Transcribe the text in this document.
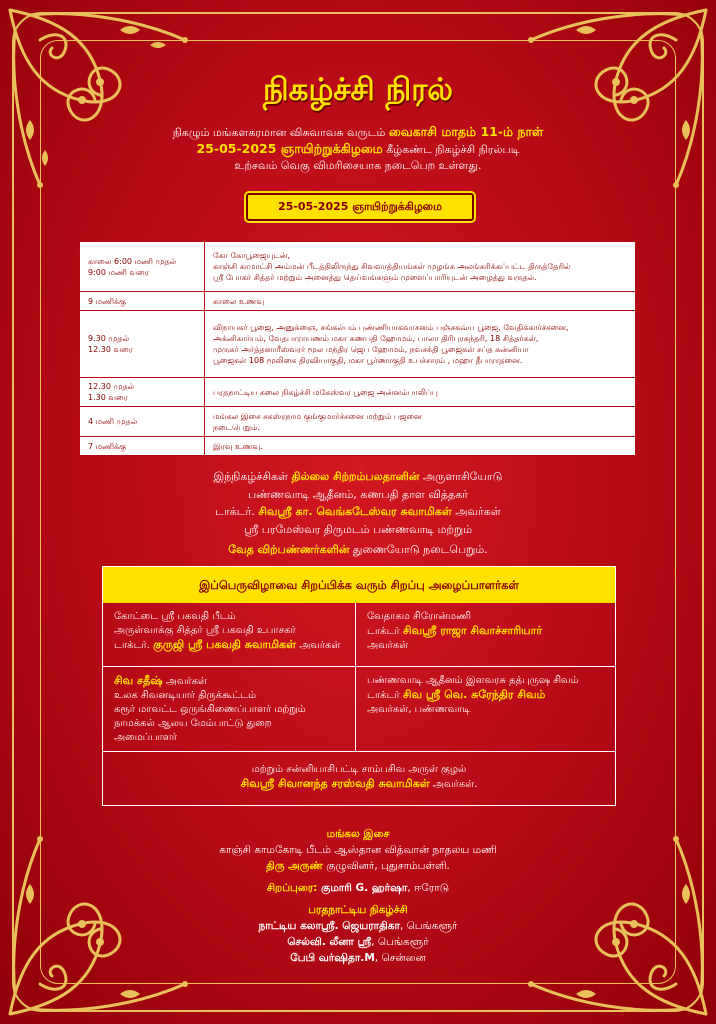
நிகழ்ச்சி நிரல்
நிகழும் மங்களகரமான விசுவாவசு வருடம் வைகாசி மாதம் 11-ம் நாள்
25-05-2025 ஞாயிற்றுக்கிழமை கீழ்கண்ட நிகழ்ச்சி நிரல்படி
உற்சவம் வெகு விமரிசையாக நடைபெற உள்ளது.
25-05-2025 ஞாயிற்றுக்கிழமை
காலை 6:00 மணி முதல்
9:00 மணி வரை	கோ கோபூஜையுடன்,
காஞ்சி காமாட்சி அம்மன் பீடத்திலிருந்து சிவவாத்தியங்கள் முழங்க அலங்கரிக்கப்பட்ட திருத்தேரில்
ஸ்ரீ போகர் சித்தர் மற்றும் அனைத்து தெய்வங்களும் முளைப்பாரியுடன் அழைத்து வருதல்.
9 மணிக்கு	காலை உணவு
9.30 முதல்
12.30 வரை	விநாயகர் பூஜை, அனுக்ஞை, சங்கல்பம் புண்ணியாகவாசனம் பஞ்சகவ்ய பூஜை, வேதிக்கார்ச்சனை,
அக்னிகார்யம், வேதபாராயணம் மகா கணபதி ஹோமம், பாலா திரிபுரசுந்தரி, 18 சித்தர்கள்,
முருகர் அர்த்தனாரீஸ்வரர் மூல மந்திர ஜெப ஹோமம், நவசக்தி பூஜைகள் சப்த கன்னியா
பூஜைகள் 108 மூலிகை திரவியாகுதி, மகா பூர்ணாகுதி உபச்சாரம் , மஹா தீபாராதனை.
12.30 முதல்
1.30 வரை	பரதநாட்டிய கலை நிகழ்ச்சி மகேஸ்வர பூஜை அன்னம்பாலிப்பு
4 மணி முதல்	மங்கல இசை சகஸ்ரநாம குங்குமார்ச்சனை மற்றும் பஜனை
நடைபெறும்.
7 மணிக்கு	இரவு உணவு.
இந்நிகழ்ச்சிகள் தில்லை சிற்றம்பலதானின் அருளாசியோடு
பண்ணவாடி ஆதீனம், கணபதி தாள வித்தகர்
டாக்டர். சிவஸ்ரீ கா. வெங்கடேஸ்வர சுவாமிகள் அவர்கள்
ஸ்ரீ பரமேஸ்வர திருமடம் பண்ணவாடி மற்றும்
வேத விற்பண்ணர்களின் துணையோடு நடைபெறும்.
இப்பெருவிழாவை சிறப்பிக்க வரும் சிறப்பு அழைப்பாளர்கள்
கோட்டை ஸ்ரீ பகவதி பீடம்
அருள்வாக்கு சித்தர் ஸ்ரீ பகவதி உபாசகர்
டாக்டர். குருஜி ஸ்ரீ பகவதி சுவாமிகள் அவர்கள்
வேதாகம சிரோன்மணி
டாக்டர் சிவஸ்ரீ ராஜா சிவாச்சாரியார்
அவர்கள்
சிவ சதீஷ் அவர்கள்
உலக சிவனடியார் திருக்கூட்டம்
கரூர் மாவட்ட ஒருங்கிணைப்பாளர் மற்றும்
நாமக்கல் ஆலய மேம்பாட்டு துறை
அமைப்பாளர்
பண்ணவாடி ஆதீனம் இளவரசு தத்புருஷ சிவம்
டாக்டர் சிவ ஸ்ரீ வெ. சுரேந்திர சிவம்
அவர்கள், பண்ணவாடி
மற்றும் சன்னியாசிபட்டி சாம்பசிவ அருள் குழல்
சிவஸ்ரீ சிவானந்த சரஸ்வதி சுவாமிகள் அவர்கள்.
மங்கல இசை
காஞ்சி காமகோடி பீடம் ஆஸ்தான வித்வான் நாதலய மணி
திரு அருண் குழுவினர், புதுசாம்பள்ளி.
சிறப்புரை: குமாரி G. ஹர்ஷா, ஈரோடு
பரதநாட்டிய நிகழ்ச்சி
நாட்டிய கலாஸ்ரீ. ஜெயராதிகா, பெங்களூர்
செல்வி. லீனா ஸ்ரீ, பெங்களூர்
பேபி வர்ஷிதா.M, சென்னை
